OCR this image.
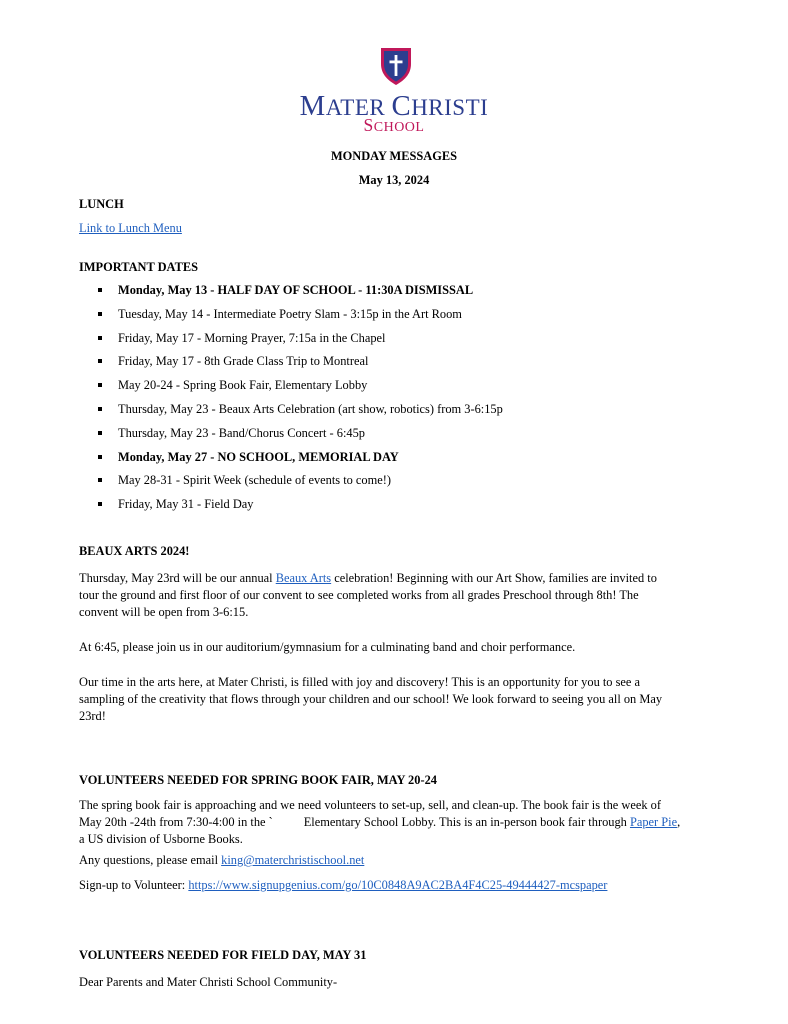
MATER CHRISTI
SCHOOL
MONDAY MESSAGES
May 13, 2024
LUNCH
Link to Lunch Menu
IMPORTANT DATES
Monday, May 13 - HALF DAY OF SCHOOL - 11:30A DISMISSAL
Tuesday, May 14 - Intermediate Poetry Slam - 3:15p in the Art Room
Friday, May 17 - Morning Prayer, 7:15a in the Chapel
Friday, May 17 - 8th Grade Class Trip to Montreal
May 20-24 - Spring Book Fair, Elementary Lobby
Thursday, May 23 - Beaux Arts Celebration (art show, robotics) from 3-6:15p
Thursday, May 23 - Band/Chorus Concert - 6:45p
Monday, May 27 - NO SCHOOL, MEMORIAL DAY
May 28-31 - Spirit Week (schedule of events to come!)
Friday, May 31 - Field Day
BEAUX ARTS 2024!

Thursday, May 23rd will be our annual Beaux Arts celebration! Beginning with our Art Show, families are invited to

tour the ground and first floor of our convent to see completed works from all grades Preschool through 8th! The

convent will be open from 3-6:15.

At 6:45, please join us in our auditorium/gymnasium for a culminating band and choir performance.

Our time in the arts here, at Mater Christi, is filled with joy and discovery! This is an opportunity for you to see a

sampling of the creativity that flows through your children and our school! We look forward to seeing you all on May

23rd!

VOLUNTEERS NEEDED FOR SPRING BOOK FAIR, MAY 20-24

The spring book fair is approaching and we need volunteers to set-up, sell, and clean-up. The book fair is the week of

May 20th -24th from 7:30-4:00 in the `          Elementary School Lobby. This is an in-person book fair through Paper Pie,

a US division of Usborne Books.

Any questions, please email king@materchristischool.net
Sign-up to Volunteer: https://www.signupgenius.com/go/10C0848A9AC2BA4F4C25-49444427-mcspaper
VOLUNTEERS NEEDED FOR FIELD DAY, MAY 31
Dear Parents and Mater Christi School Community-
